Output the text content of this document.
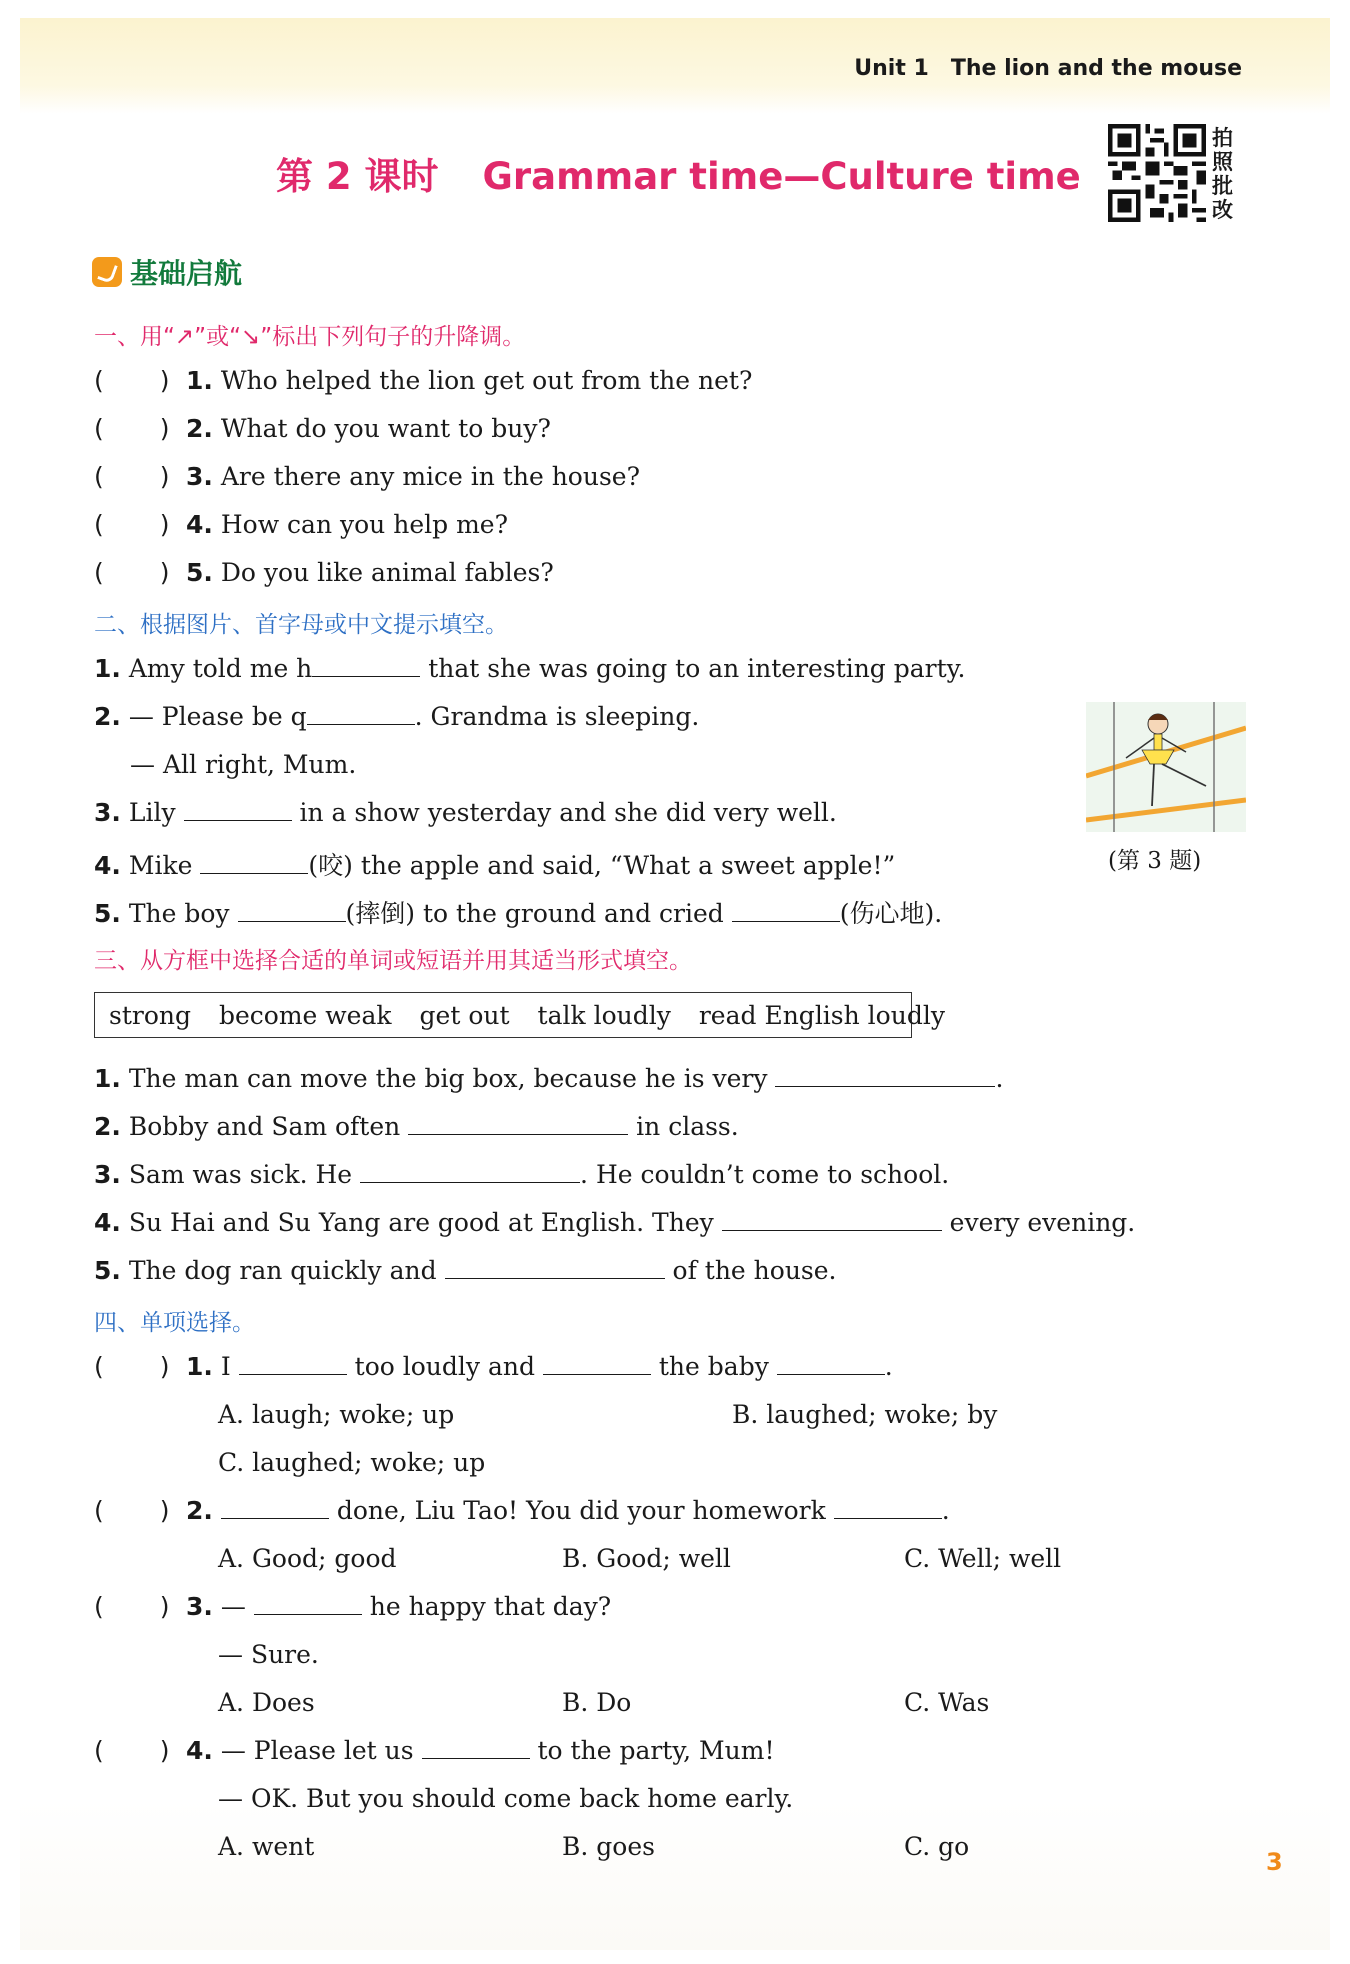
Unit 1 The lion and the mouse
第 2 课时 Grammar time—Culture time
拍
照
批
改
基础启航
一、用“↗”或“↘”标出下列句子的升降调。
( ) 1. Who helped the lion get out from the net?
( ) 2. What do you want to buy?
( ) 3. Are there any mice in the house?
( ) 4. How can you help me?
( ) 5. Do you like animal fables?
二、根据图片、首字母或中文提示填空。
1. Amy told me h	that she was going to an interesting party.
2. — Please be q	. Grandma is sleeping.
— All right, Mum.
3. Lily	in a show yesterday and she did very well.
4. Mike	(咬) the apple and said, “What a sweet apple!”
5. The boy	(摔倒) to the ground and cried	(伤心地).
(第 3 题)
三、从方框中选择合适的单词或短语并用其适当形式填空。
strong become weak get out talk loudly read English loudly
1. The man can move the big box, because he is very	.
2. Bobby and Sam often	in class.
3. Sam was sick. He	. He couldn’t come to school.
4. Su Hai and Su Yang are good at English. They	every evening.
5. The dog ran quickly and	of the house.
四、单项选择。
( ) 1. I	too loudly and	the baby	.
A. laugh; woke; up	B. laughed; woke; by
C. laughed; woke; up
( ) 2.	done, Liu Tao! You did your homework	.
A. Good; good	B. Good; well	C. Well; well
( ) 3. —	he happy that day?
— Sure.
A. Does	B. Do	C. Was
( ) 4. — Please let us	to the party, Mum!
— OK. But you should come back home early.
A. went	B. goes	C. go
3
